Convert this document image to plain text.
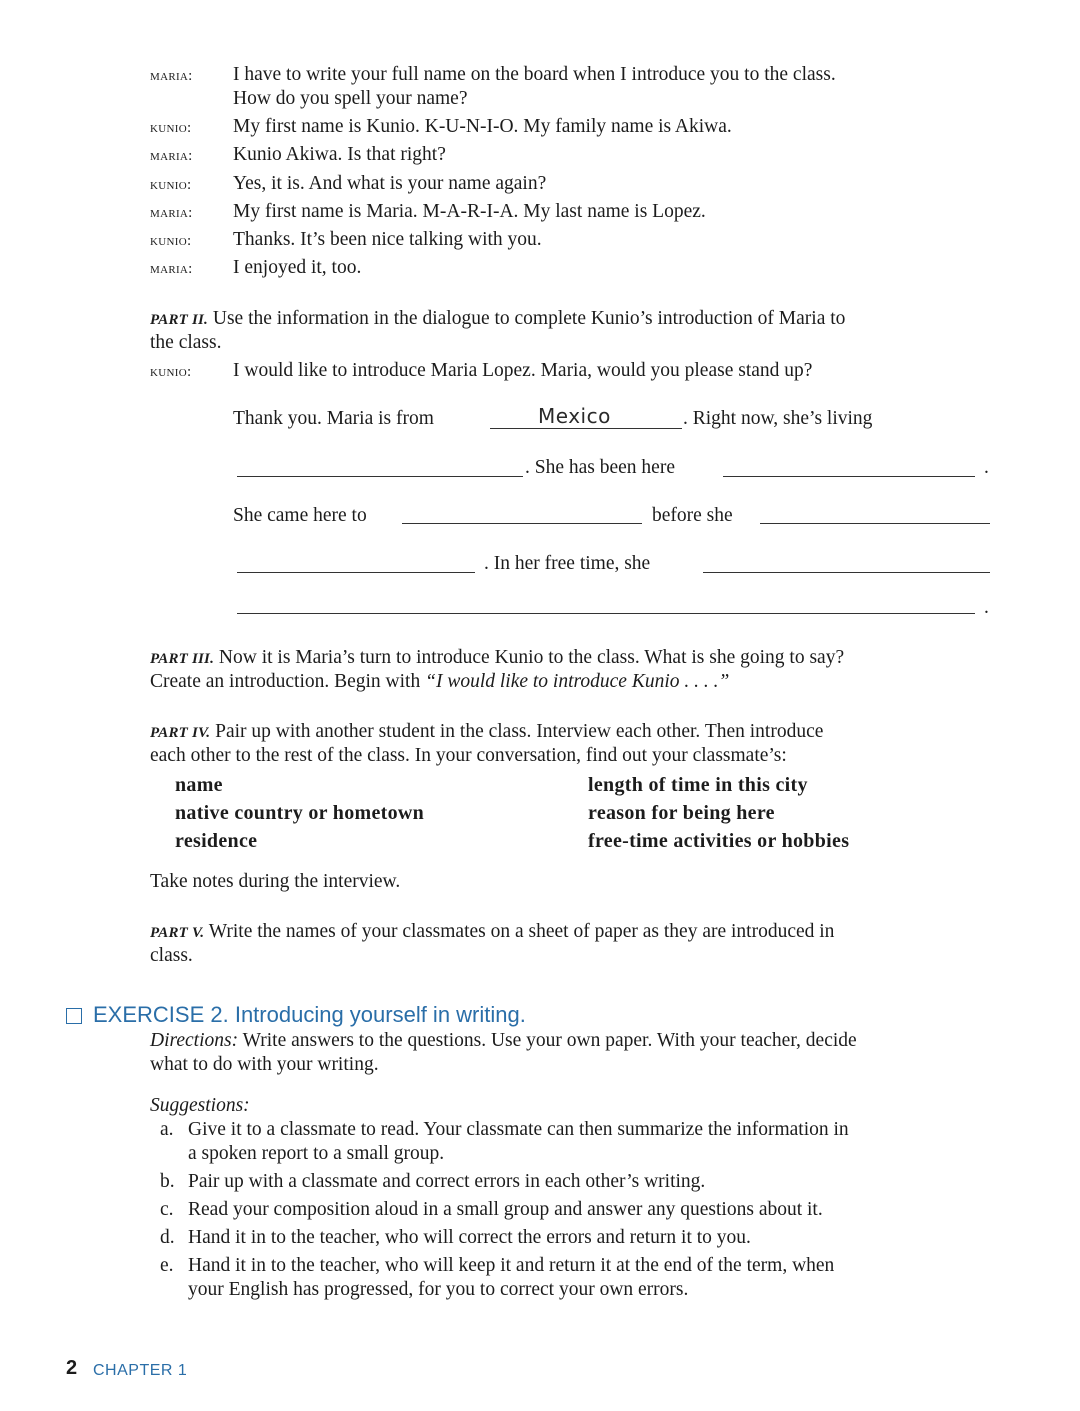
maria: I have to write your full name on the board when I introduce you to the class.
How do you spell your name?
kunio: My first name is Kunio. K-U-N-I-O. My family name is Akiwa.
maria: Kunio Akiwa. Is that right?
kunio: Yes, it is. And what is your name again?
maria: My first name is Maria. M-A-R-I-A. My last name is Lopez.
kunio: Thanks. It’s been nice talking with you.
maria: I enjoyed it, too.
PART II. Use the information in the dialogue to complete Kunio’s introduction of Maria to
the class.
kunio: I would like to introduce Maria Lopez. Maria, would you please stand up?
Thank you. Maria is from	Mexico	. Right now, she’s living
. She has been here	.
She came here to	before she
. In her free time, she
.
PART III. Now it is Maria’s turn to introduce Kunio to the class. What is she going to say?
Create an introduction. Begin with “I would like to introduce Kunio . . . .”
PART IV. Pair up with another student in the class. Interview each other. Then introduce
each other to the rest of the class. In your conversation, find out your classmate’s:
name
native country or hometown
residence
length of time in this city
reason for being here
free-time activities or hobbies
Take notes during the interview.
PART V. Write the names of your classmates on a sheet of paper as they are introduced in
class.
EXERCISE 2. Introducing yourself in writing.
Directions: Write answers to the questions. Use your own paper. With your teacher, decide
what to do with your writing.
Suggestions:
a. Give it to a classmate to read. Your classmate can then summarize the information in
a spoken report to a small group.
b. Pair up with a classmate and correct errors in each other’s writing.
c. Read your composition aloud in a small group and answer any questions about it.
d. Hand it in to the teacher, who will correct the errors and return it to you.
e. Hand it in to the teacher, who will keep it and return it at the end of the term, when
your English has progressed, for you to correct your own errors.
2 CHAPTER 1
